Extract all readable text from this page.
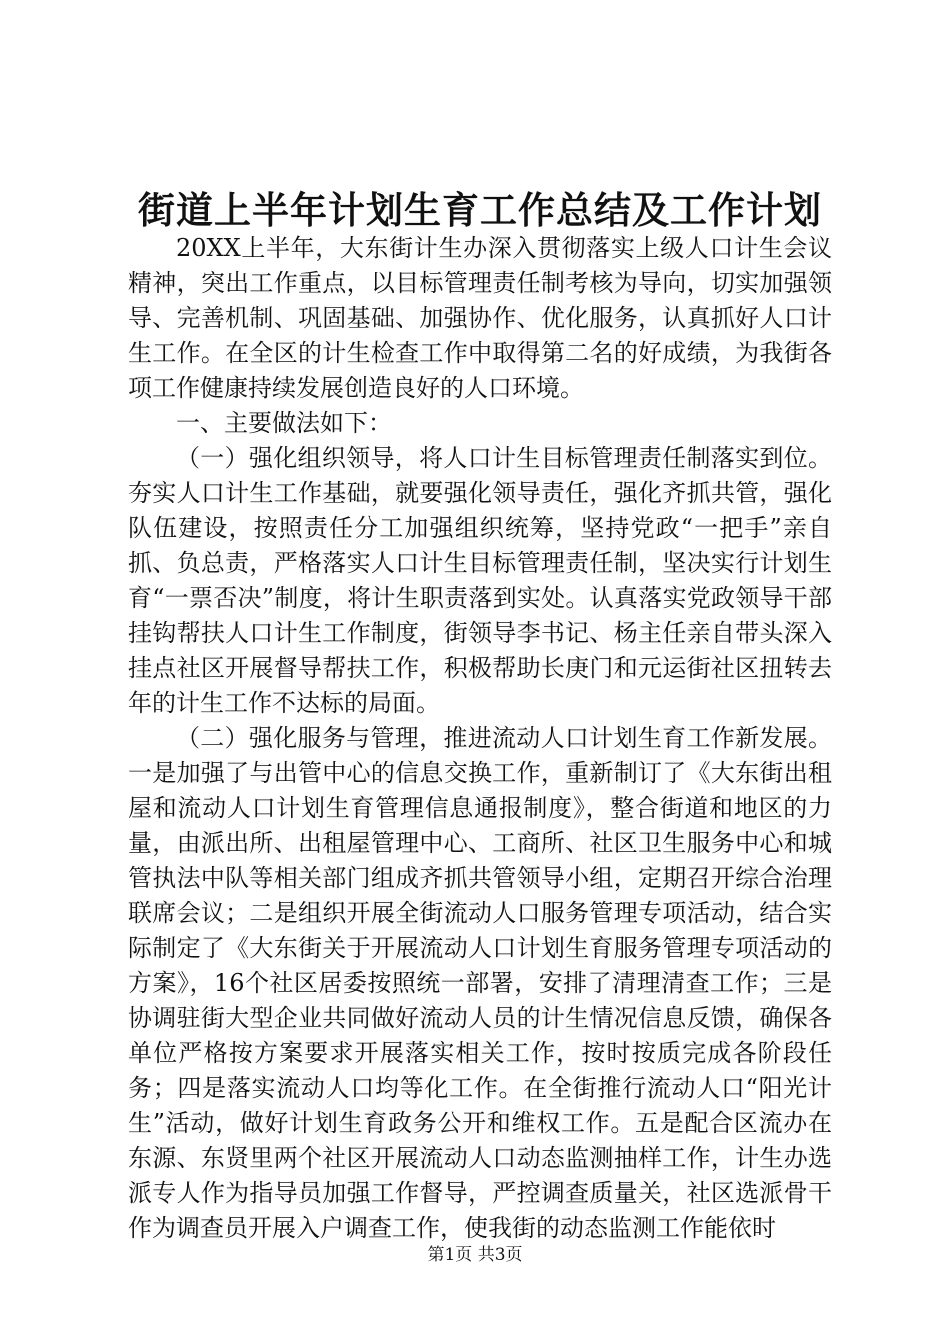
街道上半年计划生育工作总结及工作计划

20XX上半年，大东街计生办深入贯彻落实上级人口计生会议精神，突出工作重点，以目标管理责任制考核为导向，切实加强领导、完善机制、巩固基础、加强协作、优化服务，认真抓好人口计生工作。在全区的计生检查工作中取得第二名的好成绩，为我街各项工作健康持续发展创造良好的人口环境。

一、主要做法如下：

（一）强化组织领导，将人口计生目标管理责任制落实到位。夯实人口计生工作基础，就要强化领导责任，强化齐抓共管，强化队伍建设，按照责任分工加强组织统筹，坚持党政“一把手”亲自抓、负总责，严格落实人口计生目标管理责任制，坚决实行计划生育“一票否决”制度，将计生职责落到实处。认真落实党政领导干部挂钩帮扶人口计生工作制度，街领导李书记、杨主任亲自带头深入挂点社区开展督导帮扶工作，积极帮助长庚门和元运街社区扭转去年的计生工作不达标的局面。

（二）强化服务与管理，推进流动人口计划生育工作新发展。一是加强了与出管中心的信息交换工作，重新制订了《大东街出租屋和流动人口计划生育管理信息通报制度》，整合街道和地区的力量，由派出所、出租屋管理中心、工商所、社区卫生服务中心和城管执法中队等相关部门组成齐抓共管领导小组，定期召开综合治理联席会议；二是组织开展全街流动人口服务管理专项活动，结合实际制定了《大东街关于开展流动人口计划生育服务管理专项活动的方案》，16个社区居委按照统一部署，安排了清理清查工作；三是协调驻街大型企业共同做好流动人员的计生情况信息反馈，确保各单位严格按方案要求开展落实相关工作，按时按质完成各阶段任务；四是落实流动人口均等化工作。在全街推行流动人口“阳光计生”活动，做好计划生育政务公开和维权工作。五是配合区流办在东源、东贤里两个社区开展流动人口动态监测抽样工作，计生办选派专人作为指导员加强工作督导，严控调查质量关，社区选派骨干作为调查员开展入户调查工作，使我街的动态监测工作能依时

第1页 共3页
